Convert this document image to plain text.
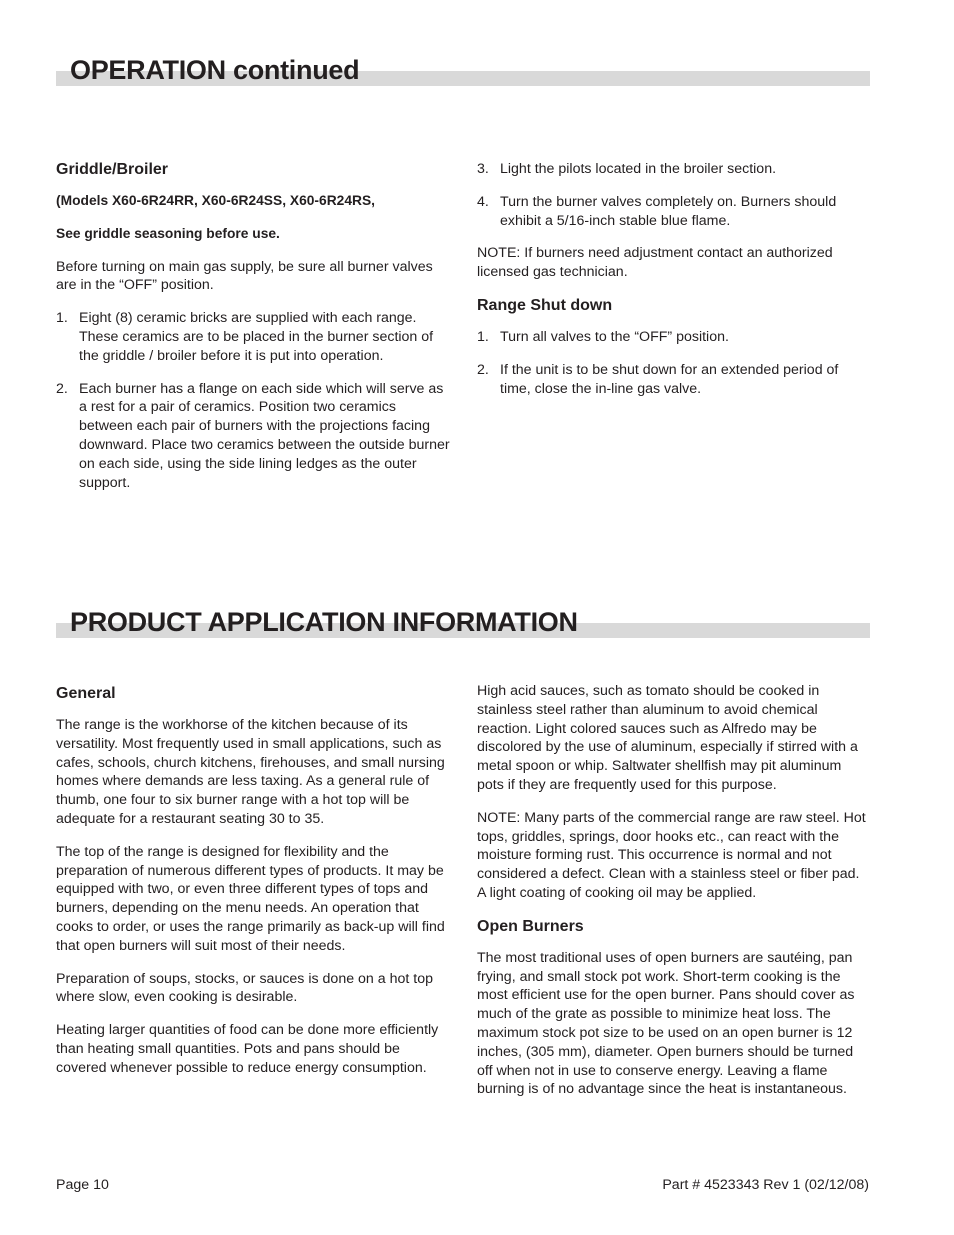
OPERATION continued
Griddle/Broiler

(Models X60-6R24RR, X60-6R24SS, X60-6R24RS,

See griddle seasoning before use.

Before turning on main gas supply, be sure all burner valves are in the “OFF” position.

1. Eight (8) ceramic bricks are supplied with each range. These ceramics are to be placed in the burner section of the griddle / broiler before it is put into operation.
2. Each burner has a flange on each side which will serve as a rest for a pair of ceramics. Position two ceramics between each pair of burners with the projections facing downward. Place two ceramics between the outside burner on each side, using the side lining ledges as the outer support.
3. Light the pilots located in the broiler section.
4. Turn the burner valves completely on. Burners should exhibit a 5/16-inch stable blue flame.

NOTE: If burners need adjustment contact an authorized licensed gas technician.

Range Shut down
1. Turn all valves to the “OFF” position.
2. If the unit is to be shut down for an extended period of time, close the in-line gas valve.
PRODUCT APPLICATION INFORMATION
General

The range is the workhorse of the kitchen because of its versatility. Most frequently used in small applications, such as cafes, schools, church kitchens, firehouses, and small nursing homes where demands are less taxing. As a general rule of thumb, one four to six burner range with a hot top will be adequate for a restaurant seating 30 to 35.

The top of the range is designed for flexibility and the preparation of numerous different types of products. It may be equipped with two, or even three different types of tops and burners, depending on the menu needs. An operation that cooks to order, or uses the range primarily as back-up will find that open burners will suit most of their needs.

Preparation of soups, stocks, or sauces is done on a hot top where slow, even cooking is desirable.

Heating larger quantities of food can be done more efficiently than heating small quantities. Pots and pans should be covered whenever possible to reduce energy consumption.

High acid sauces, such as tomato should be cooked in stainless steel rather than aluminum to avoid chemical reaction. Light colored sauces such as Alfredo may be discolored by the use of aluminum, especially if stirred with a metal spoon or whip. Saltwater shellfish may pit aluminum pots if they are frequently used for this purpose.

NOTE: Many parts of the commercial range are raw steel. Hot tops, griddles, springs, door hooks etc., can react with the moisture forming rust. This occurrence is normal and not considered a defect. Clean with a stainless steel or fiber pad. A light coating of cooking oil may be applied.

Open Burners

The most traditional uses of open burners are sautéing, pan frying, and small stock pot work. Short-term cooking is the most efficient use for the open burner. Pans should cover as much of the grate as possible to minimize heat loss. The maximum stock pot size to be used on an open burner is 12 inches, (305 mm), diameter. Open burners should be turned off when not in use to conserve energy. Leaving a flame burning is of no advantage since the heat is instantaneous.

Page 10	Part # 4523343 Rev 1 (02/12/08)
